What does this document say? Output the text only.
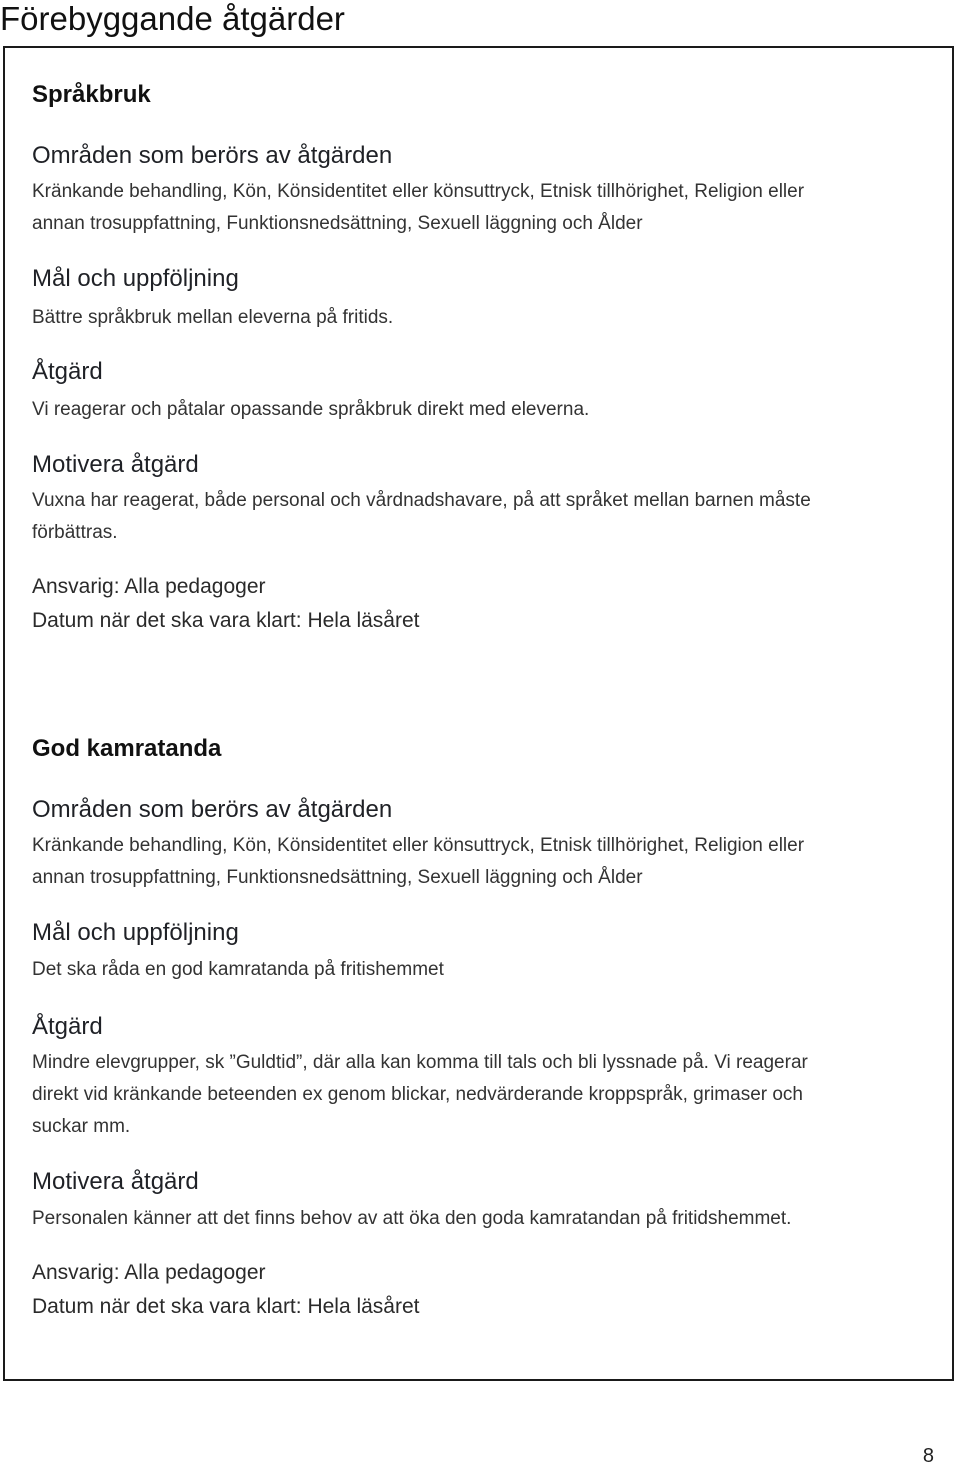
Förebyggande åtgärder
Språkbruk
Områden som berörs av åtgärden
Kränkande behandling, Kön, Könsidentitet eller könsuttryck, Etnisk tillhörighet, Religion eller
annan trosuppfattning, Funktionsnedsättning, Sexuell läggning och Ålder
Mål och uppföljning
Bättre språkbruk mellan eleverna på fritids.
Åtgärd
Vi reagerar och påtalar opassande språkbruk direkt med eleverna.
Motivera åtgärd
Vuxna har reagerat, både personal och vårdnadshavare, på att språket mellan barnen måste
förbättras.
Ansvarig: Alla pedagoger
Datum när det ska vara klart: Hela läsåret
God kamratanda
Områden som berörs av åtgärden
Kränkande behandling, Kön, Könsidentitet eller könsuttryck, Etnisk tillhörighet, Religion eller
annan trosuppfattning, Funktionsnedsättning, Sexuell läggning och Ålder
Mål och uppföljning
Det ska råda en god kamratanda på fritishemmet
Åtgärd
Mindre elevgrupper, sk ”Guldtid”, där alla kan komma till tals och bli lyssnade på. Vi reagerar
direkt vid kränkande beteenden ex genom blickar, nedvärderande kroppspråk, grimaser och
suckar mm.
Motivera åtgärd
Personalen känner att det finns behov av att öka den goda kamratandan på fritidshemmet.
Ansvarig: Alla pedagoger
Datum när det ska vara klart: Hela läsåret
8
